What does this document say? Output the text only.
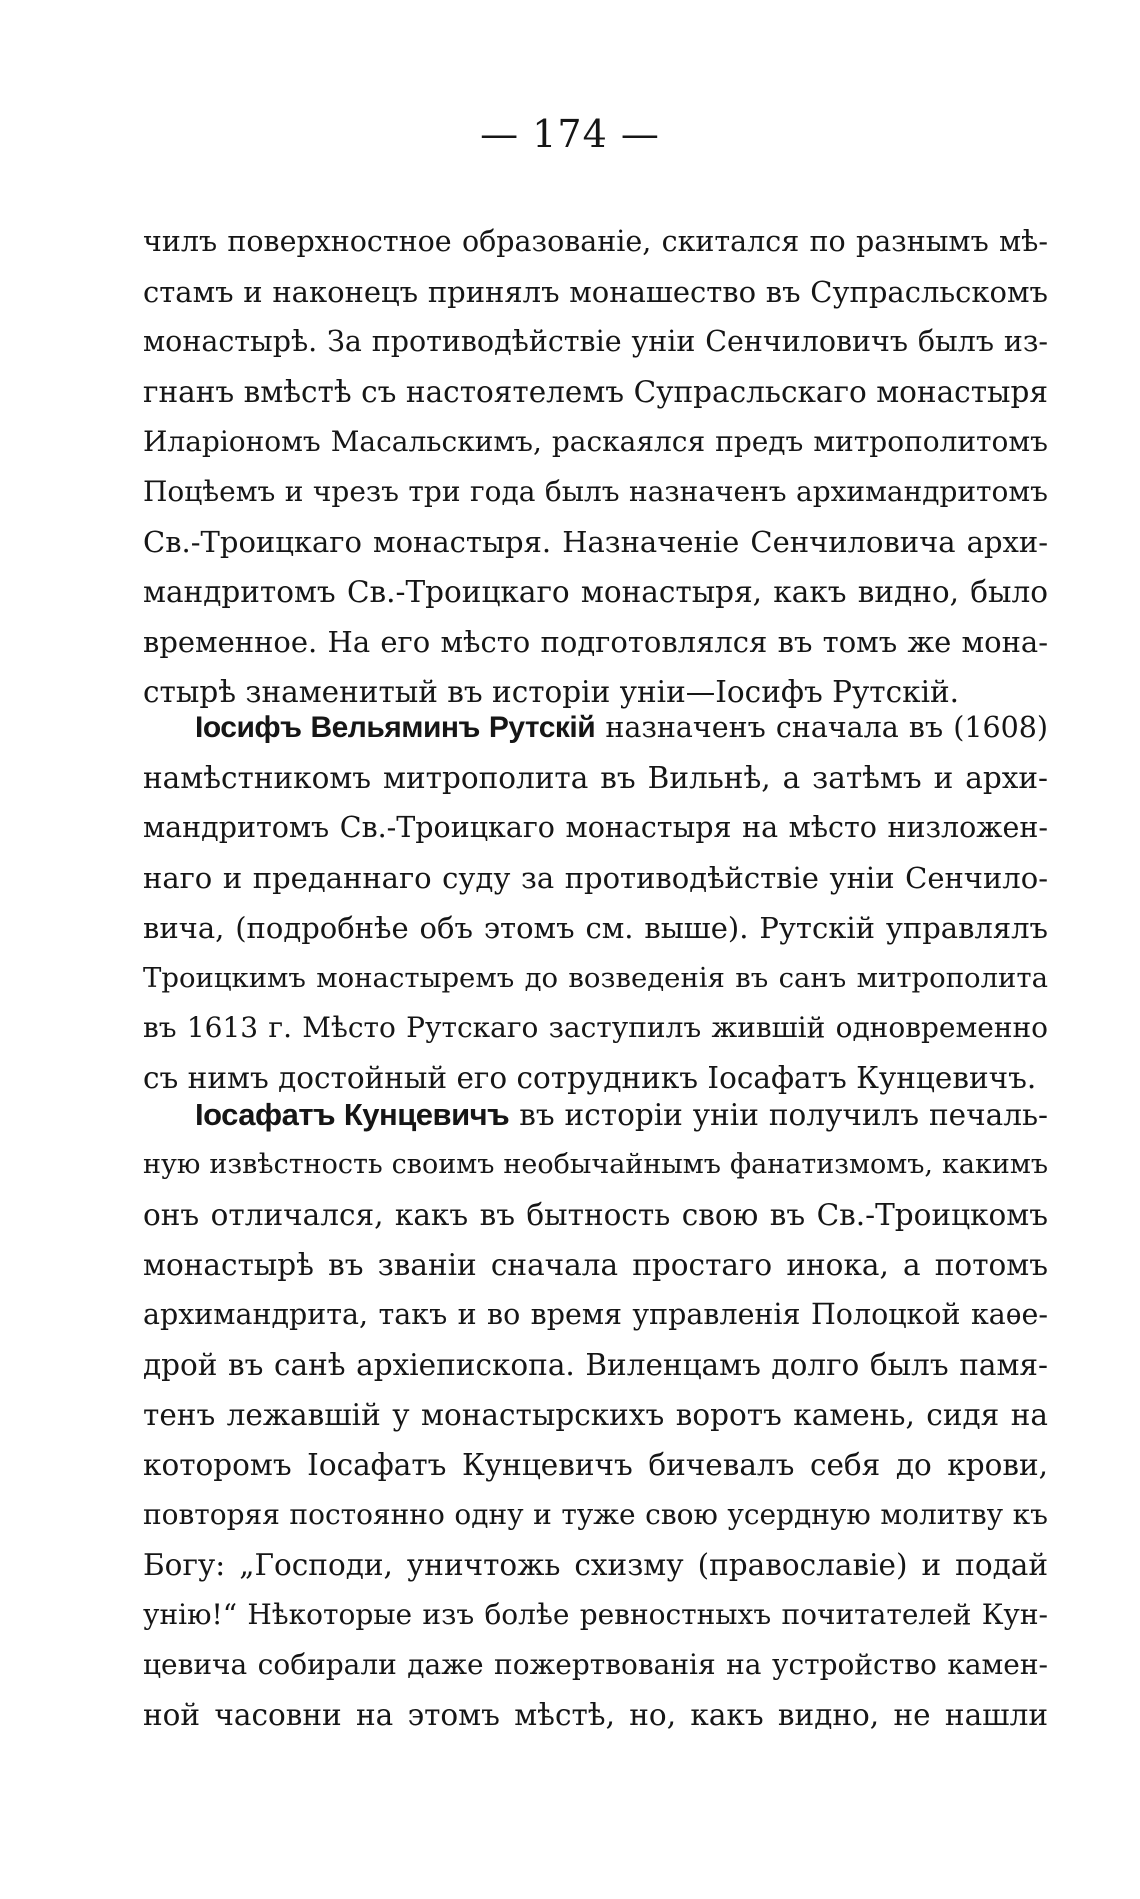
— 174 —
чилъ поверхностное образованіе, скитался по разнымъ мѣ-
стамъ и наконецъ принялъ монашество въ Супрасльскомъ
монастырѣ. За противодѣйствіе уніи Сенчиловичъ былъ из-
гнанъ вмѣстѣ съ настоятелемъ Супрасльскаго монастыря
Иларіономъ Масальскимъ, раскаялся предъ митрополитомъ
Поцѣемъ и чрезъ три года былъ назначенъ архимандритомъ
Св.-Троицкаго монастыря. Назначеніе Сенчиловича архи-
мандритомъ Св.-Троицкаго монастыря, какъ видно, было
временное. На его мѣсто подготовлялся въ томъ же мона-
стырѣ знаменитый въ исторіи уніи—Іосифъ Рутскій.
Іосифъ Вельяминъ Рутскій назначенъ сначала въ (1608)
намѣстникомъ митрополита въ Вильнѣ, а затѣмъ и архи-
мандритомъ Св.-Троицкаго монастыря на мѣсто низложен-
наго и преданнаго суду за противодѣйствіе уніи Сенчило-
вича, (подробнѣе объ этомъ см. выше). Рутскій управлялъ
Троицкимъ монастыремъ до возведенія въ санъ митрополита
въ 1613 г. Мѣсто Рутскаго заступилъ жившій одновременно
съ нимъ достойный его сотрудникъ Іосафатъ Кунцевичъ.
Іосафатъ Кунцевичъ въ исторіи уніи получилъ печаль-
ную извѣстность своимъ необычайнымъ фанатизмомъ, какимъ
онъ отличался, какъ въ бытность свою въ Св.-Троицкомъ
монастырѣ въ званіи сначала простаго инока, а потомъ
архимандрита, такъ и во время управленія Полоцкой каѳе-
дрой въ санѣ архіепископа. Виленцамъ долго былъ памя-
тенъ лежавшій у монастырскихъ воротъ камень, сидя на
которомъ Іосафатъ Кунцевичъ бичевалъ себя до крови,
повторяя постоянно одну и туже свою усердную молитву къ
Богу: „Господи, уничтожь схизму (православіе) и подай
унію!“ Нѣкоторые изъ болѣе ревностныхъ почитателей Кун-
цевича собирали даже пожертвованія на устройство камен-
ной часовни на этомъ мѣстѣ, но, какъ видно, не нашли
